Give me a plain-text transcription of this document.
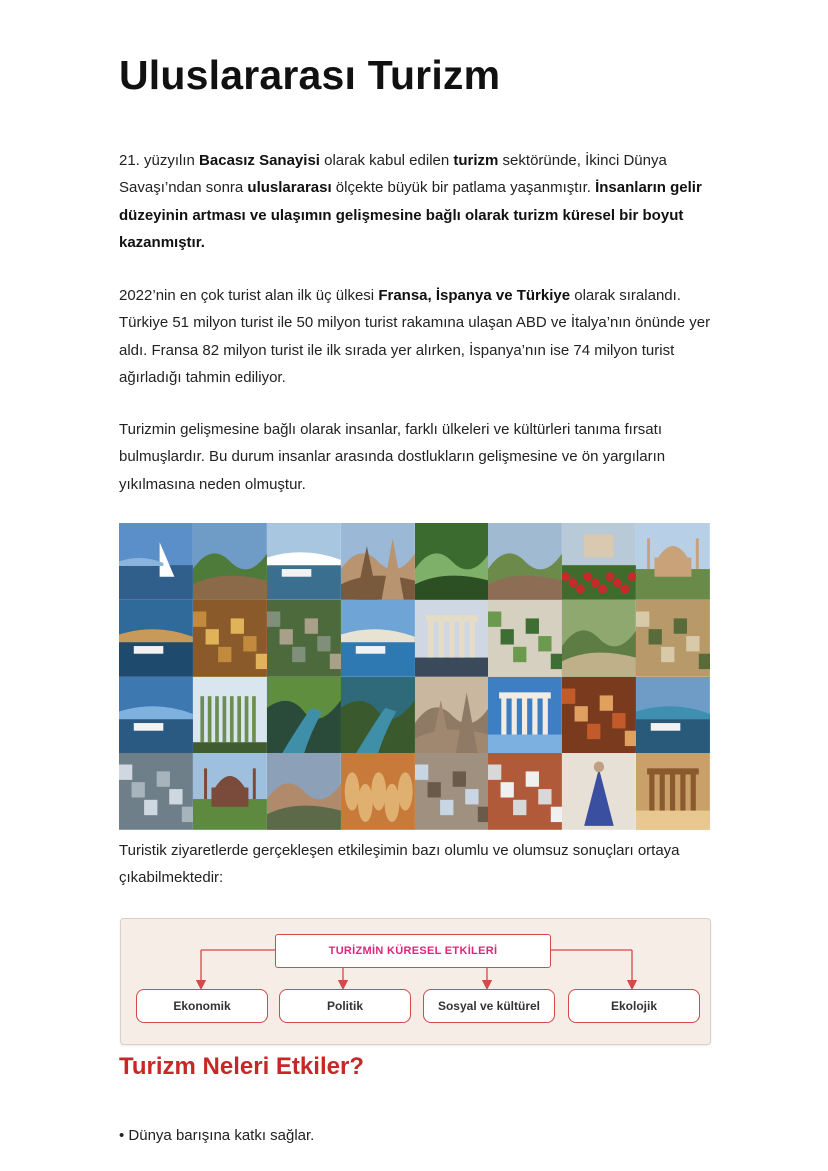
Uluslararası Turizm

21. yüzyılın Bacasız Sanayisi olarak kabul edilen turizm sektöründe, İkinci Dünya Savaşı’ndan sonra uluslararası ölçekte büyük bir patlama yaşanmıştır. İnsanların gelir düzeyinin artması ve ulaşımın gelişmesine bağlı olarak turizm küresel bir boyut kazanmıştır.

2022’nin en çok turist alan ilk üç ülkesi Fransa, İspanya ve Türkiye olarak sıralandı. Türkiye 51 milyon turist ile 50 milyon turist rakamına ulaşan ABD ve İtalya’nın önünde yer aldı. Fransa 82 milyon turist ile ilk sırada yer alırken, İspanya’nın ise 74 milyon turist ağırladığı tahmin ediliyor.

Turizmin gelişmesine bağlı olarak insanlar, farklı ülkeleri ve kültürleri tanıma fırsatı bulmuşlardır. Bu durum insanlar arasında dostlukların gelişmesine ve ön yargıların yıkılmasına neden olmuştur.

Turistik ziyaretlerde gerçekleşen etkileşimin bazı olumlu ve olumsuz sonuçları ortaya çıkabilmektedir:

TURİZMİN KÜRESEL ETKİLERİ
Ekonomik	Politik	Sosyal ve kültürel	Ekolojik
Turizm Neleri Etkiler?

• Dünya barışına katkı sağlar.
